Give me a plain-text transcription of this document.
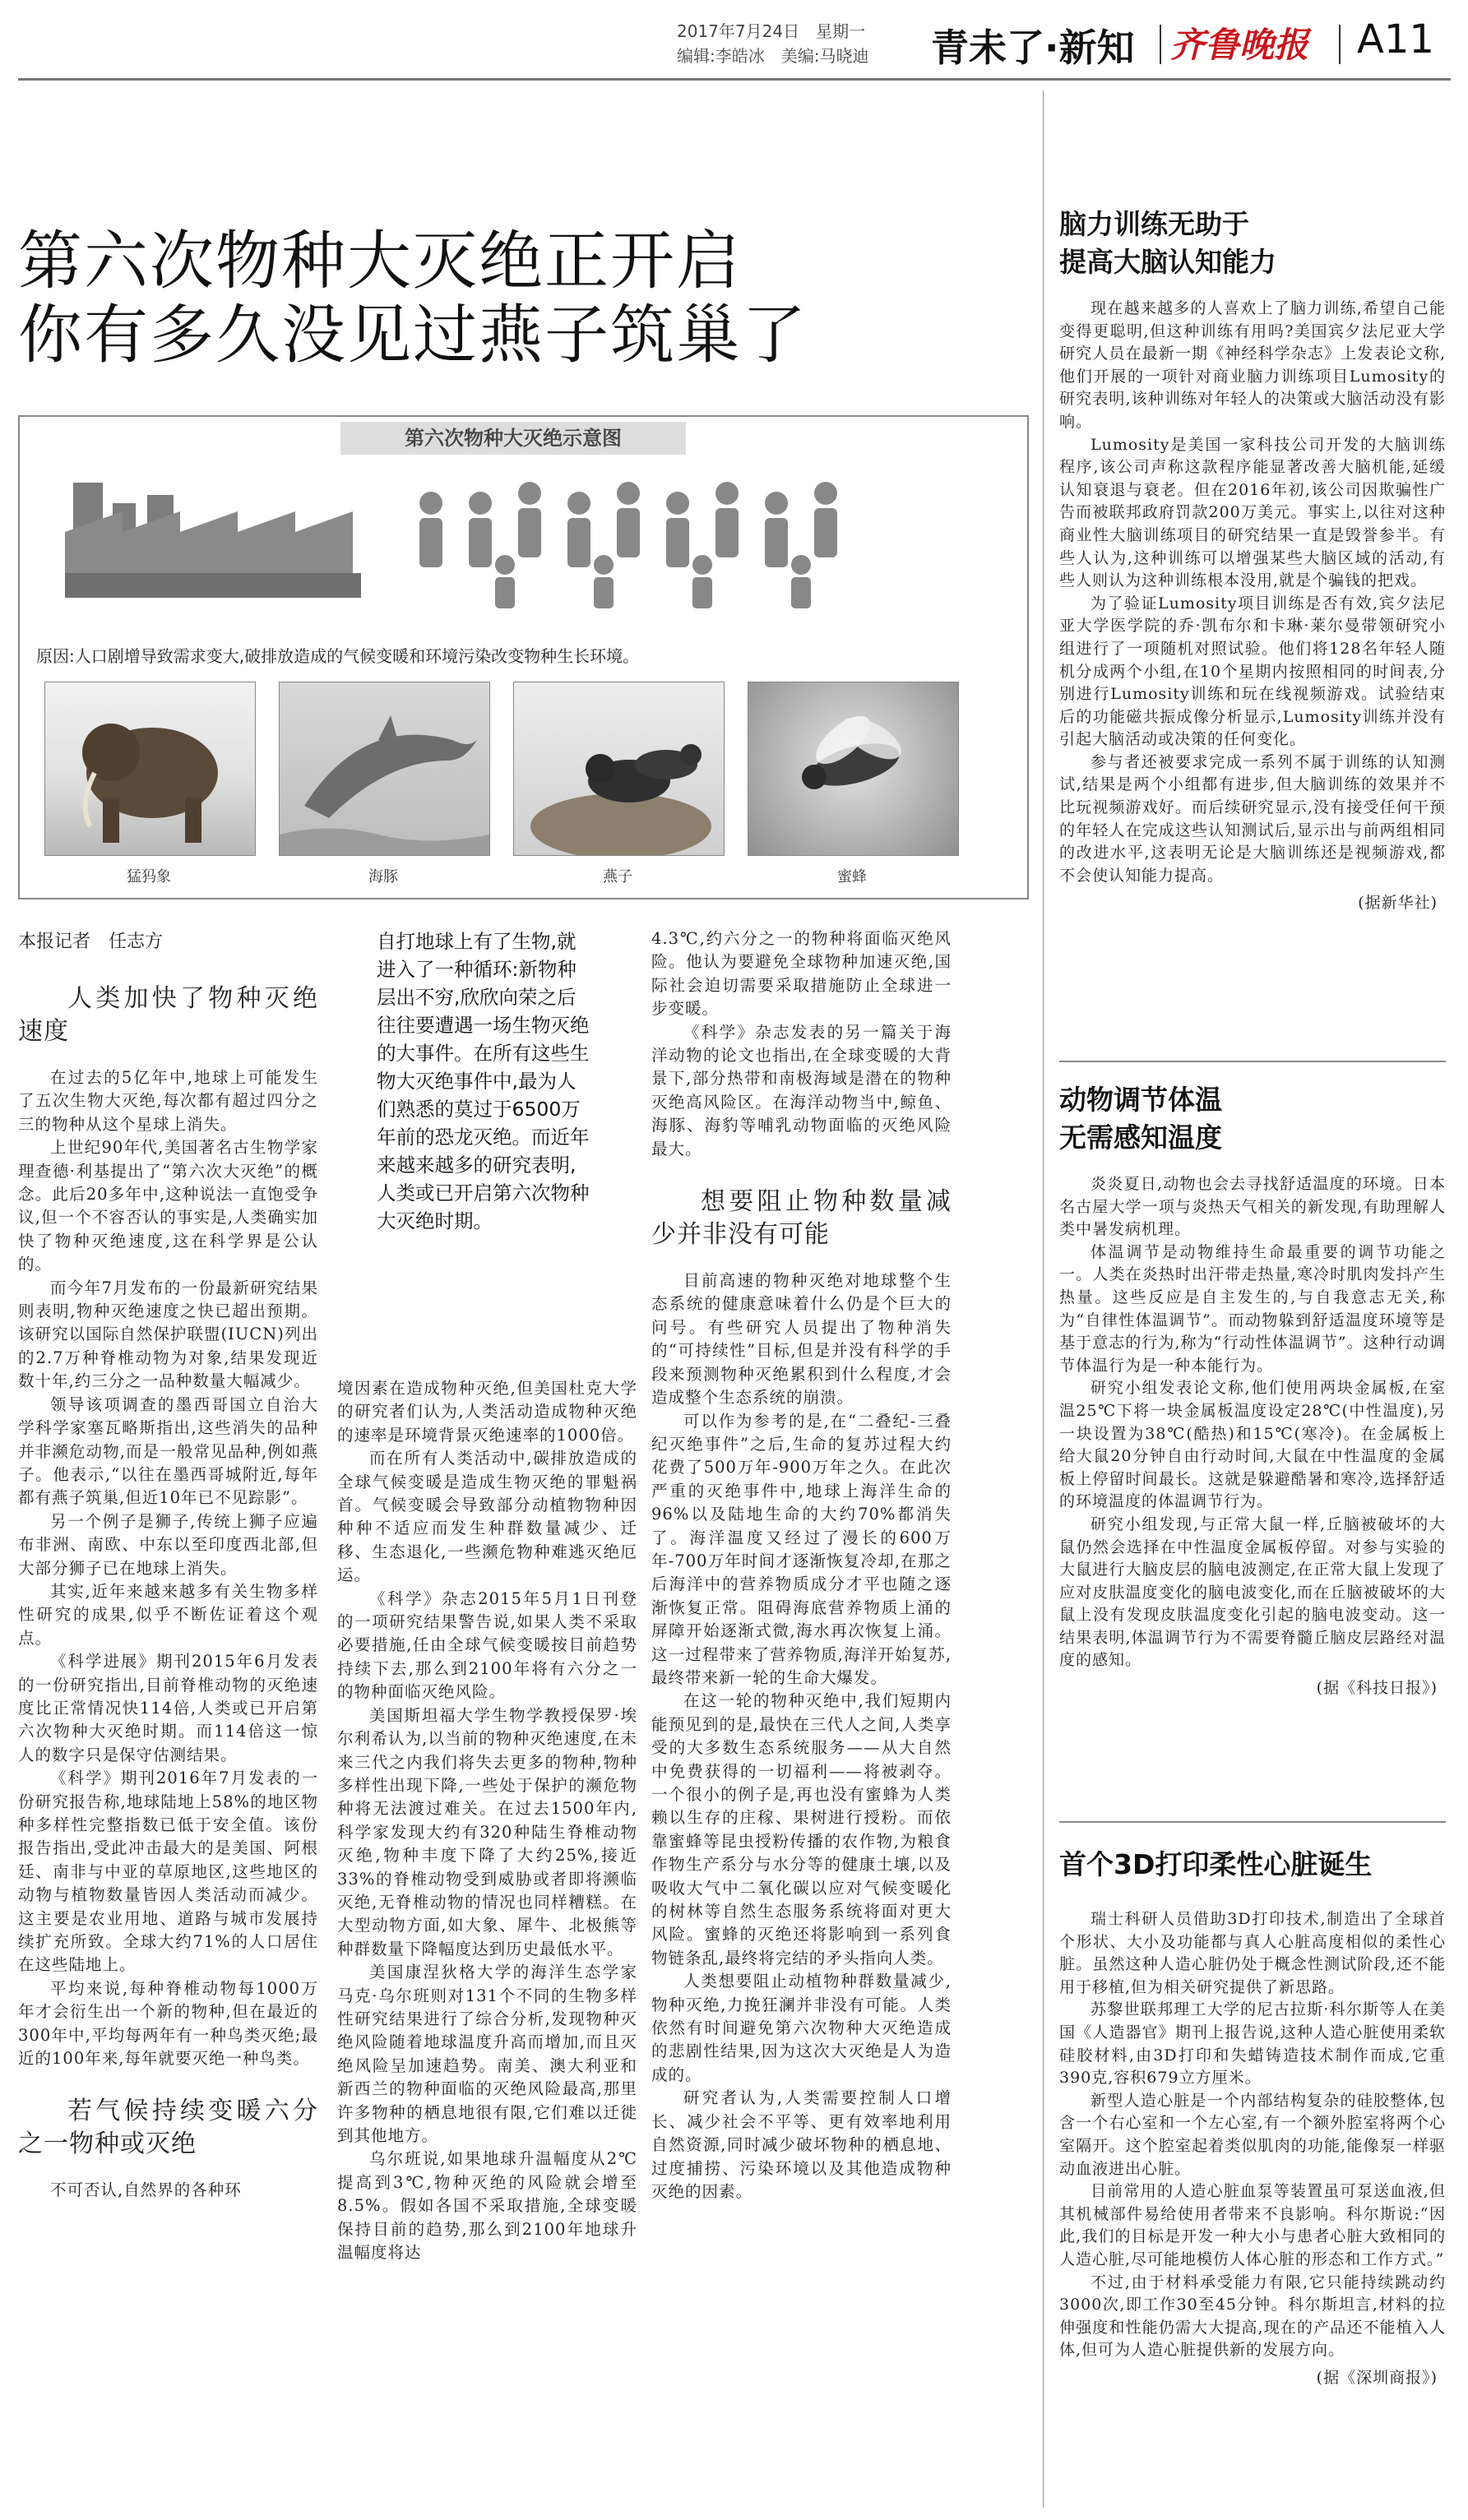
2017年7月24日　星期一
编辑:李皓冰　美编:马晓迪 青未了·新知 齐鲁晚报 A11
第六次物种大灭绝正开启
你有多久没见过燕子筑巢了
第六次物种大灭绝示意图
原因:人口剧增导致需求变大,破排放造成的气候变暖和环境污染改变物种生长环境。
猛犸象	海豚	燕子	蜜蜂
本报记者　任志方
人类加快了物种灭绝速度

在过去的5亿年中,地球上可能发生了五次生物大灭绝,每次都有超过四分之三的物种从这个星球上消失。

上世纪90年代,美国著名古生物学家理查德·利基提出了“第六次大灭绝”的概念。此后20多年中,这种说法一直饱受争议,但一个不容否认的事实是,人类确实加快了物种灭绝速度,这在科学界是公认的。

而今年7月发布的一份最新研究结果则表明,物种灭绝速度之快已超出预期。该研究以国际自然保护联盟(IUCN)列出的2.7万种脊椎动物为对象,结果发现近数十年,约三分之一品种数量大幅减少。

领导该项调查的墨西哥国立自治大学科学家塞瓦略斯指出,这些消失的品种并非濒危动物,而是一般常见品种,例如燕子。他表示,“以往在墨西哥城附近,每年都有燕子筑巢,但近10年已不见踪影”。

另一个例子是狮子,传统上狮子应遍布非洲、南欧、中东以至印度西北部,但大部分狮子已在地球上消失。

其实,近年来越来越多有关生物多样性研究的成果,似乎不断佐证着这个观点。

《科学进展》期刊2015年6月发表的一份研究指出,目前脊椎动物的灭绝速度比正常情况快114倍,人类或已开启第六次物种大灭绝时期。而114倍这一惊人的数字只是保守估测结果。

《科学》期刊2016年7月发表的一份研究报告称,地球陆地上58%的地区物种多样性完整指数已低于安全值。该份报告指出,受此冲击最大的是美国、阿根廷、南非与中亚的草原地区,这些地区的动物与植物数量皆因人类活动而减少。这主要是农业用地、道路与城市发展持续扩充所致。全球大约71%的人口居住在这些陆地上。

平均来说,每种脊椎动物每1000万年才会衍生出一个新的物种,但在最近的300年中,平均每两年有一种鸟类灭绝;最近的100年来,每年就要灭绝一种鸟类。

若气候持续变暖六分之一物种或灭绝

不可否认,自然界的各种环

自打地球上有了生物,就进入了一种循环:新物种层出不穷,欣欣向荣之后往往要遭遇一场生物灭绝的大事件。在所有这些生物大灭绝事件中,最为人们熟悉的莫过于6500万年前的恐龙灭绝。而近年来越来越多的研究表明,人类或已开启第六次物种大灭绝时期。

境因素在造成物种灭绝,但美国杜克大学的研究者们认为,人类活动造成物种灭绝的速率是环境背景灭绝速率的1000倍。

而在所有人类活动中,碳排放造成的全球气候变暖是造成生物灭绝的罪魁祸首。气候变暖会导致部分动植物物种因种种不适应而发生种群数量减少、迁移、生态退化,一些濒危物种难逃灭绝厄运。

《科学》杂志2015年5月1日刊登的一项研究结果警告说,如果人类不采取必要措施,任由全球气候变暖按目前趋势持续下去,那么到2100年将有六分之一的物种面临灭绝风险。

美国斯坦福大学生物学教授保罗·埃尔利希认为,以当前的物种灭绝速度,在未来三代之内我们将失去更多的物种,物种多样性出现下降,一些处于保护的濒危物种将无法渡过难关。在过去1500年内,科学家发现大约有320种陆生脊椎动物灭绝,物种丰度下降了大约25%,接近33%的脊椎动物受到威胁或者即将濒临灭绝,无脊椎动物的情况也同样糟糕。在大型动物方面,如大象、犀牛、北极熊等种群数量下降幅度达到历史最低水平。

美国康涅狄格大学的海洋生态学家马克·乌尔班则对131个不同的生物多样性研究结果进行了综合分析,发现物种灭绝风险随着地球温度升高而增加,而且灭绝风险呈加速趋势。南美、澳大利亚和新西兰的物种面临的灭绝风险最高,那里许多物种的栖息地很有限,它们难以迁徙到其他地方。

乌尔班说,如果地球升温幅度从2℃提高到3℃,物种灭绝的风险就会增至8.5%。假如各国不采取措施,全球变暖保持目前的趋势,那么到2100年地球升温幅度将达

4.3℃,约六分之一的物种将面临灭绝风险。他认为要避免全球物种加速灭绝,国际社会迫切需要采取措施防止全球进一步变暖。

《科学》杂志发表的另一篇关于海洋动物的论文也指出,在全球变暖的大背景下,部分热带和南极海域是潜在的物种灭绝高风险区。在海洋动物当中,鲸鱼、海豚、海豹等哺乳动物面临的灭绝风险最大。

想要阻止物种数量减少并非没有可能

目前高速的物种灭绝对地球整个生态系统的健康意味着什么仍是个巨大的问号。有些研究人员提出了物种消失的“可持续性”目标,但是并没有科学的手段来预测物种灭绝累积到什么程度,才会造成整个生态系统的崩溃。

可以作为参考的是,在“二叠纪-三叠纪灭绝事件”之后,生命的复苏过程大约花费了500万年-900万年之久。在此次严重的灭绝事件中,地球上海洋生命的96%以及陆地生命的大约70%都消失了。海洋温度又经过了漫长的600万年-700万年时间才逐渐恢复冷却,在那之后海洋中的营养物质成分才平也随之逐渐恢复正常。阻碍海底营养物质上涌的屏障开始逐渐式微,海水再次恢复上涌。这一过程带来了营养物质,海洋开始复苏,最终带来新一轮的生命大爆发。

在这一轮的物种灭绝中,我们短期内能预见到的是,最快在三代人之间,人类享受的大多数生态系统服务——从大自然中免费获得的一切福利——将被剥夺。一个很小的例子是,再也没有蜜蜂为人类赖以生存的庄稼、果树进行授粉。而依靠蜜蜂等昆虫授粉传播的农作物,为粮食作物生产系分与水分等的健康土壤,以及吸收大气中二氧化碳以应对气候变暖化的树林等自然生态服务系统将面对更大风险。蜜蜂的灭绝还将影响到一系列食物链条乱,最终将完结的矛头指向人类。

人类想要阻止动植物种群数量减少,物种灭绝,力挽狂澜并非没有可能。人类依然有时间避免第六次物种大灭绝造成的悲剧性结果,因为这次大灭绝是人为造成的。

研究者认为,人类需要控制人口增长、减少社会不平等、更有效率地利用自然资源,同时减少破坏物种的栖息地、过度捕捞、污染环境以及其他造成物种灭绝的因素。

脑力训练无助于
提高大脑认知能力

现在越来越多的人喜欢上了脑力训练,希望自己能变得更聪明,但这种训练有用吗?美国宾夕法尼亚大学研究人员在最新一期《神经科学杂志》上发表论文称,他们开展的一项针对商业脑力训练项目Lumosity的研究表明,该种训练对年轻人的决策或大脑活动没有影响。

Lumosity是美国一家科技公司开发的大脑训练程序,该公司声称这款程序能显著改善大脑机能,延缓认知衰退与衰老。但在2016年初,该公司因欺骗性广告而被联邦政府罚款200万美元。事实上,以往对这种商业性大脑训练项目的研究结果一直是毁誉参半。有些人认为,这种训练可以增强某些大脑区域的活动,有些人则认为这种训练根本没用,就是个骗钱的把戏。

为了验证Lumosity项目训练是否有效,宾夕法尼亚大学医学院的乔·凯布尔和卡琳·莱尔曼带领研究小组进行了一项随机对照试验。他们将128名年轻人随机分成两个小组,在10个星期内按照相同的时间表,分别进行Lumosity训练和玩在线视频游戏。试验结束后的功能磁共振成像分析显示,Lumosity训练并没有引起大脑活动或决策的任何变化。

参与者还被要求完成一系列不属于训练的认知测试,结果是两个小组都有进步,但大脑训练的效果并不比玩视频游戏好。而后续研究显示,没有接受任何干预的年轻人在完成这些认知测试后,显示出与前两组相同的改进水平,这表明无论是大脑训练还是视频游戏,都不会使认知能力提高。

(据新华社)
动物调节体温
无需感知温度

炎炎夏日,动物也会去寻找舒适温度的环境。日本名古屋大学一项与炎热天气相关的新发现,有助理解人类中暑发病机理。

体温调节是动物维持生命最重要的调节功能之一。人类在炎热时出汗带走热量,寒冷时肌肉发抖产生热量。这些反应是自主发生的,与自我意志无关,称为“自律性体温调节”。而动物躲到舒适温度环境等是基于意志的行为,称为“行动性体温调节”。这种行动调节体温行为是一种本能行为。

研究小组发表论文称,他们使用两块金属板,在室温25℃下将一块金属板温度设定28℃(中性温度),另一块设置为38℃(酷热)和15℃(寒冷)。在金属板上给大鼠20分钟自由行动时间,大鼠在中性温度的金属板上停留时间最长。这就是躲避酷暑和寒冷,选择舒适的环境温度的体温调节行为。

研究小组发现,与正常大鼠一样,丘脑被破坏的大鼠仍然会选择在中性温度金属板停留。对参与实验的大鼠进行大脑皮层的脑电波测定,在正常大鼠上发现了应对皮肤温度变化的脑电波变化,而在丘脑被破坏的大鼠上没有发现皮肤温度变化引起的脑电波变动。这一结果表明,体温调节行为不需要脊髓丘脑皮层路经对温度的感知。

(据《科技日报》)
首个3D打印柔性心脏诞生

瑞士科研人员借助3D打印技术,制造出了全球首个形状、大小及功能都与真人心脏高度相似的柔性心脏。虽然这种人造心脏仍处于概念性测试阶段,还不能用于移植,但为相关研究提供了新思路。

苏黎世联邦理工大学的尼古拉斯·科尔斯等人在美国《人造器官》期刊上报告说,这种人造心脏使用柔软硅胶材料,由3D打印和失蜡铸造技术制作而成,它重390克,容积679立方厘米。

新型人造心脏是一个内部结构复杂的硅胶整体,包含一个右心室和一个左心室,有一个额外腔室将两个心室隔开。这个腔室起着类似肌肉的功能,能像泵一样驱动血液进出心脏。

目前常用的人造心脏血泵等装置虽可泵送血液,但其机械部件易给使用者带来不良影响。科尔斯说:“因此,我们的目标是开发一种大小与患者心脏大致相同的人造心脏,尽可能地模仿人体心脏的形态和工作方式。”

不过,由于材料承受能力有限,它只能持续跳动约3000次,即工作30至45分钟。科尔斯坦言,材料的拉伸强度和性能仍需大大提高,现在的产品还不能植入人体,但可为人造心脏提供新的发展方向。

(据《深圳商报》)
